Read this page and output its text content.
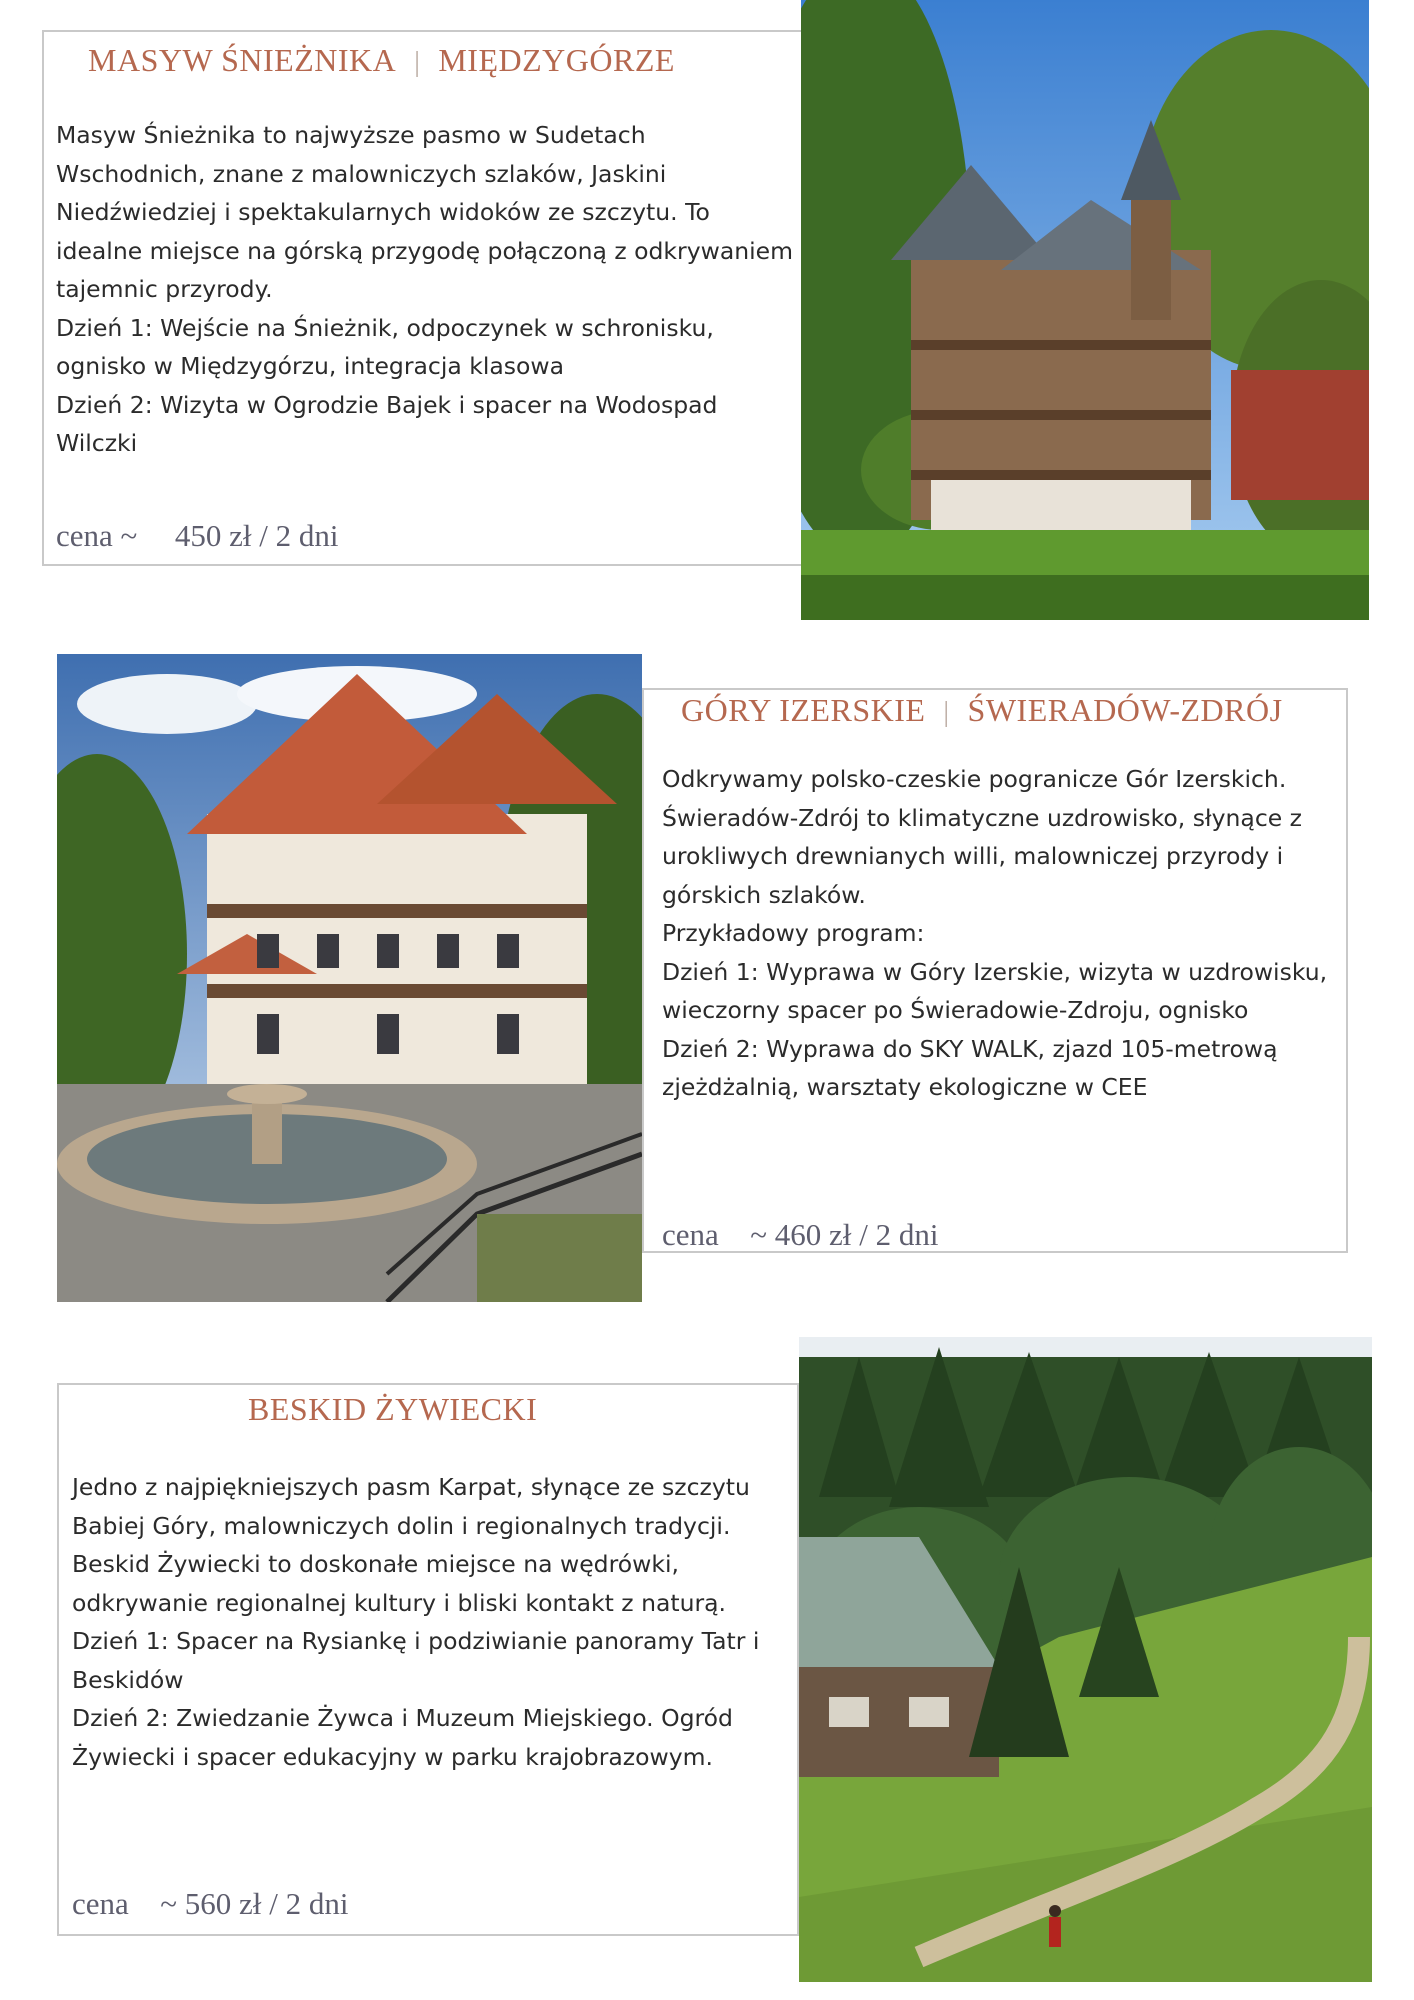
MASYW ŚNIEŻNIKA | MIĘDZYGÓRZE

Masyw Śnieżnika to najwyższe pasmo w Sudetach Wschodnich, znane z malowniczych szlaków, Jaskini Niedźwiedziej i spektakularnych widoków ze szczytu. To idealne miejsce na górską przygodę połączoną z odkrywaniem tajemnic przyrody.

Dzień 1: Wejście na Śnieżnik, odpoczynek w schronisku, ognisko w Międzygórzu, integracja klasowa

Dzień 2: Wizyta w Ogrodzie Bajek i spacer na Wodospad Wilczki

cena ~ 450 zł / 2 dni
GÓRY IZERSKIE | ŚWIERADÓW-ZDRÓJ

Odkrywamy polsko-czeskie pogranicze Gór Izerskich.

Świeradów-Zdrój to klimatyczne uzdrowisko, słynące z urokliwych drewnianych willi, malowniczej przyrody i górskich szlaków.

Przykładowy program:

Dzień 1: Wyprawa w Góry Izerskie, wizyta w uzdrowisku, wieczorny spacer po Świeradowie-Zdroju, ognisko

Dzień 2: Wyprawa do SKY WALK, zjazd 105-metrową zjeżdżalnią, warsztaty ekologiczne w CEE

cena ~ 460 zł / 2 dni
BESKID ŻYWIECKI

Jedno z najpiękniejszych pasm Karpat, słynące ze szczytu Babiej Góry, malowniczych dolin i regionalnych tradycji. Beskid Żywiecki to doskonałe miejsce na wędrówki, odkrywanie regionalnej kultury i bliski kontakt z naturą.

Dzień 1: Spacer na Rysiankę i podziwianie panoramy Tatr i Beskidów

Dzień 2: Zwiedzanie Żywca i Muzeum Miejskiego. Ogród Żywiecki i spacer edukacyjny w parku krajobrazowym.

cena ~ 560 zł / 2 dni
